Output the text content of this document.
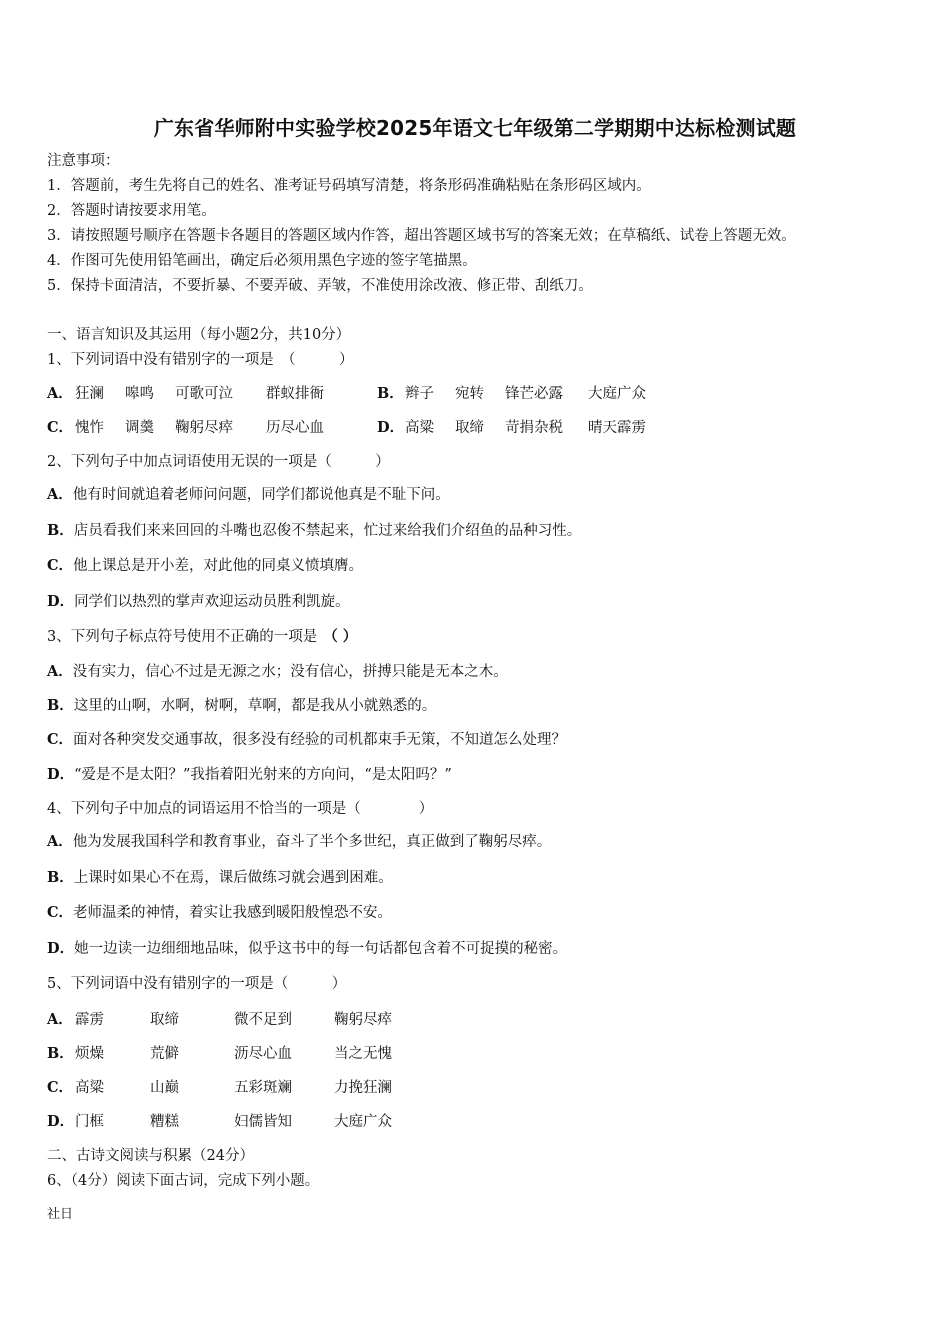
广东省华师附中实验学校2025年语文七年级第二学期期中达标检测试题
注意事项：
1．答题前，考生先将自己的姓名、准考证号码填写清楚，将条形码准确粘贴在条形码区域内。
2．答题时请按要求用笔。
3．请按照题号顺序在答题卡各题目的答题区域内作答，超出答题区域书写的答案无效；在草稿纸、试卷上答题无效。
4．作图可先使用铅笔画出，确定后必须用黑色字迹的签字笔描黑。
5．保持卡面清洁，不要折暴、不要弄破、弄皱，不准使用涂改液、修正带、刮纸刀。
一、语言知识及其运用（每小题2分，共10分）
1、下列词语中没有错别字的一项是　（　　　）
A． 狂澜 嗥鸣 可歌可泣 群蚁排衙	B． 辫子 宛转 锋芒必露 大庭广众
C． 愧怍 调羹 鞠躬尽瘁 历尽心血	D． 高粱 取缔 苛捐杂税 晴天霹雳
2、下列句子中加点词语使用无误的一项是（　　　）
A．他有时间就追着老师问问题，同学们都说他真是不耻下问。
B．店员看我们来来回回的斗嘴也忍俊不禁起来，忙过来给我们介绍鱼的品种习性。
C．他上课总是开小差，对此他的同桌义愤填膺。
D．同学们以热烈的掌声欢迎运动员胜利凯旋。
3、下列句子标点符号使用不正确的一项是 （ ）
A．没有实力，信心不过是无源之水；没有信心，拼搏只能是无本之木。
B．这里的山啊，水啊，树啊，草啊，都是我从小就熟悉的。
C．面对各种突发交通事故，很多没有经验的司机都束手无策，不知道怎么处理？
D．“爱是不是太阳？”我指着阳光射来的方向问，“是太阳吗？”
4、下列句子中加点的词语运用不恰当的一项是（　　　　）
A．他为发展我国科学和教育事业，奋斗了半个多世纪，真正做到了鞠躬尽瘁。
B．上课时如果心不在焉，课后做练习就会遇到困难。
C．老师温柔的神情，着实让我感到暖阳般惶恐不安。
D．她一边读一边细细地品味，似乎这书中的每一句话都包含着不可捉摸的秘密。
5、下列词语中没有错别字的一项是（　　　）
A． 霹雳	取缔	微不足到	鞠躬尽瘁
B． 烦燥	荒僻	沥尽心血	当之无愧
C． 高粱	山巅	五彩斑斓	力挽狂澜
D． 门框	糟糕	妇儒皆知	大庭广众
二、古诗文阅读与积累（24分）
6、（4分）阅读下面古词，完成下列小题。
社日
